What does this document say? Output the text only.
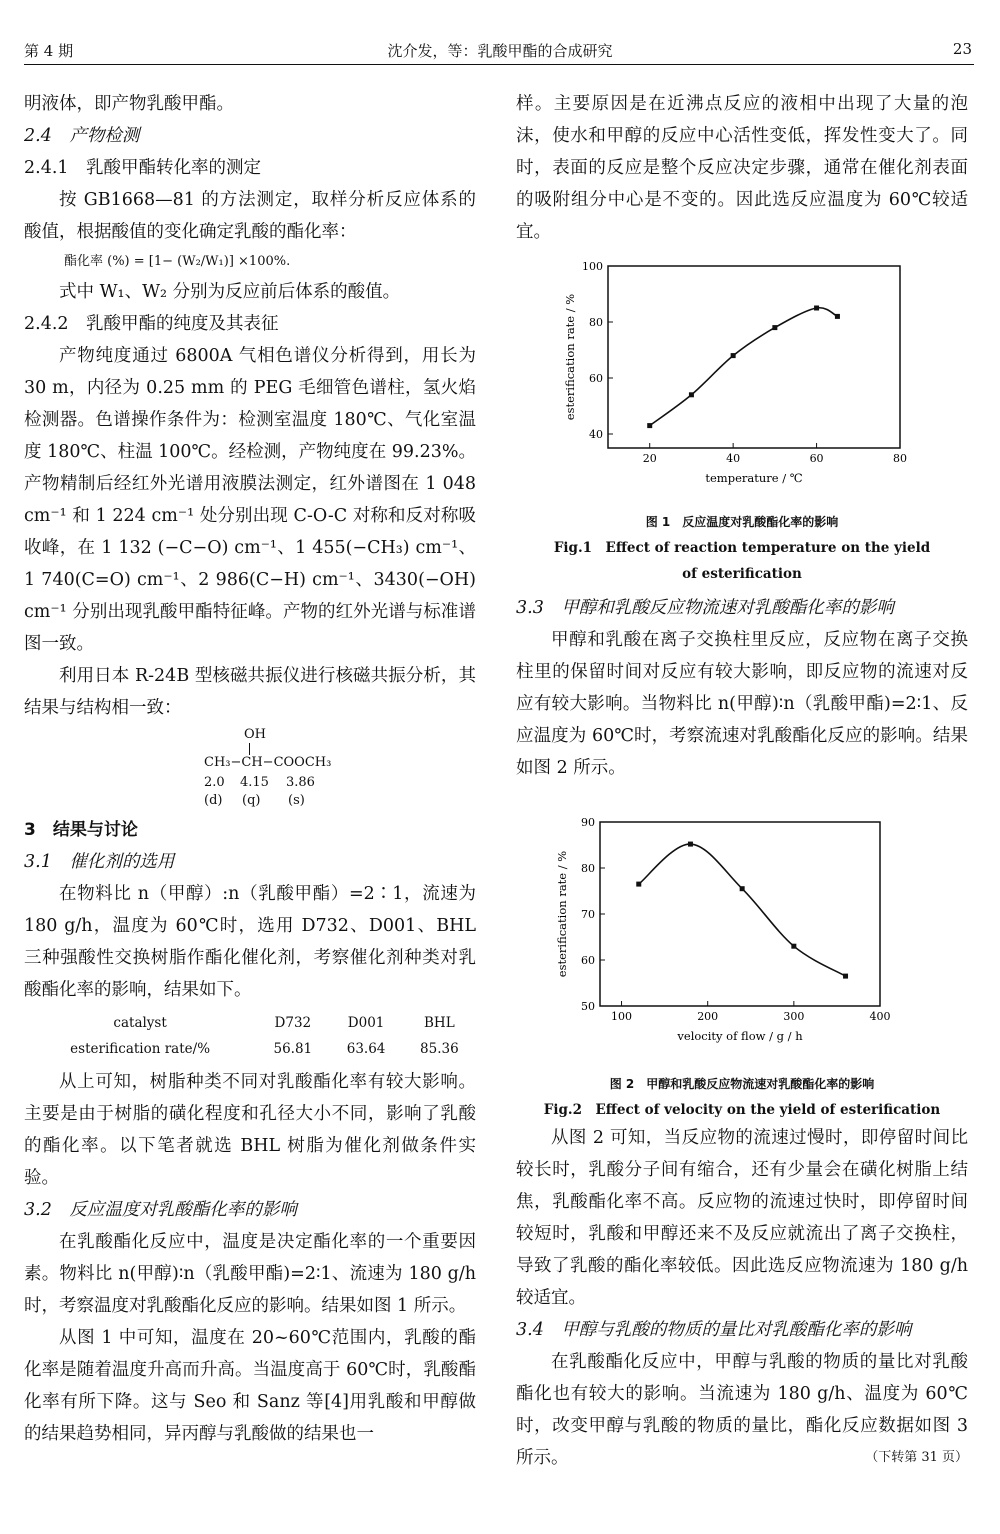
第 4 期	沈介发，等：乳酸甲酯的合成研究	23

明液体，即产物乳酸甲酯。

2.4　产物检测

2.4.1　乳酸甲酯转化率的测定

按 GB1668—81 的方法测定，取样分析反应体系的酸值，根据酸值的变化确定乳酸的酯化率：

酯化率 (%) = [1− (W₂/W₁)] ×100%.

式中 W₁、W₂ 分别为反应前后体系的酸值。

2.4.2　乳酸甲酯的纯度及其表征

产物纯度通过 6800A 气相色谱仪分析得到，用长为 30 m，内径为 0.25 mm 的 PEG 毛细管色谱柱，氢火焰检测器。色谱操作条件为：检测室温度 180℃、气化室温度 180℃、柱温 100℃。经检测，产物纯度在 99.23%。产物精制后经红外光谱用液膜法测定，红外谱图在 1 048 cm⁻¹ 和 1 224 cm⁻¹ 处分别出现 C-O-C 对称和反对称吸收峰，在 1 132 (−C−O) cm⁻¹、1 455(−CH₃) cm⁻¹、1 740(C=O) cm⁻¹、2 986(C−H) cm⁻¹、3430(−OH) cm⁻¹ 分别出现乳酸甲酯特征峰。产物的红外光谱与标准谱图一致。

利用日本 R-24B 型核磁共振仪进行核磁共振分析，其结果与结构相一致：

OH
CH₃−CH−COOCH₃
2.0 4.15 3.86
(d) (q) (s)

3　结果与讨论

3.1　催化剂的选用

在物料比 n（甲醇）:n（乳酸甲酯）=2∶1，流速为 180 g/h，温度为 60℃时，选用 D732、D001、BHL 三种强酸性交换树脂作酯化催化剂，考察催化剂种类对乳酸酯化率的影响，结果如下。

catalyst	D732	D001	BHL
esterification rate/%	56.81	63.64	85.36

从上可知，树脂种类不同对乳酸酯化率有较大影响。主要是由于树脂的磺化程度和孔径大小不同，影响了乳酸的酯化率。以下笔者就选 BHL 树脂为催化剂做条件实验。

3.2　反应温度对乳酸酯化率的影响

在乳酸酯化反应中，温度是决定酯化率的一个重要因素。物料比 n(甲醇)∶n（乳酸甲酯)=2∶1、流速为 180 g/h 时，考察温度对乳酸酯化反应的影响。结果如图 1 所示。

从图 1 中可知，温度在 20~60℃范围内，乳酸的酯化率是随着温度升高而升高。当温度高于 60℃时，乳酸酯化率有所下降。这与 Seo 和 Sanz 等[4]用乳酸和甲醇做的结果趋势相同，异丙醇与乳酸做的结果也一

样。主要原因是在近沸点反应的液相中出现了大量的泡沫，使水和甲醇的反应中心活性变低，挥发性变大了。同时，表面的反应是整个反应决定步骤，通常在催化剂表面的吸附组分中心是不变的。因此选反应温度为 60℃较适宜。

20	40	60	80
40
60
80
100
temperature / ℃
esterification rate / %
图 1　反应温度对乳酸酯化率的影响
Fig.1　Effect of reaction temperature on the yield
of esterification

3.3　甲醇和乳酸反应物流速对乳酸酯化率的影响

甲醇和乳酸在离子交换柱里反应，反应物在离子交换柱里的保留时间对反应有较大影响，即反应物的流速对反应有较大影响。当物料比 n(甲醇)∶n（乳酸甲酯)=2∶1、反应温度为 60℃时，考察流速对乳酸酯化反应的影响。结果如图 2 所示。

100	200	300	400
50
60
70
80
90
velocity of flow / g / h
esterification rate / %
图 2　甲醇和乳酸反应物流速对乳酸酯化率的影响
Fig.2　Effect of velocity on the yield of esterification

从图 2 可知，当反应物的流速过慢时，即停留时间比较长时，乳酸分子间有缩合，还有少量会在磺化树脂上结焦，乳酸酯化率不高。反应物的流速过快时，即停留时间较短时，乳酸和甲醇还来不及反应就流出了离子交换柱，导致了乳酸的酯化率较低。因此选反应物流速为 180 g/h 较适宜。

3.4　甲醇与乳酸的物质的量比对乳酸酯化率的影响

在乳酸酯化反应中，甲醇与乳酸的物质的量比对乳酸酯化也有较大的影响。当流速为 180 g/h、温度为 60℃时，改变甲醇与乳酸的物质的量比，酯化反应数据如图 3 所示。	（下转第 31 页）
